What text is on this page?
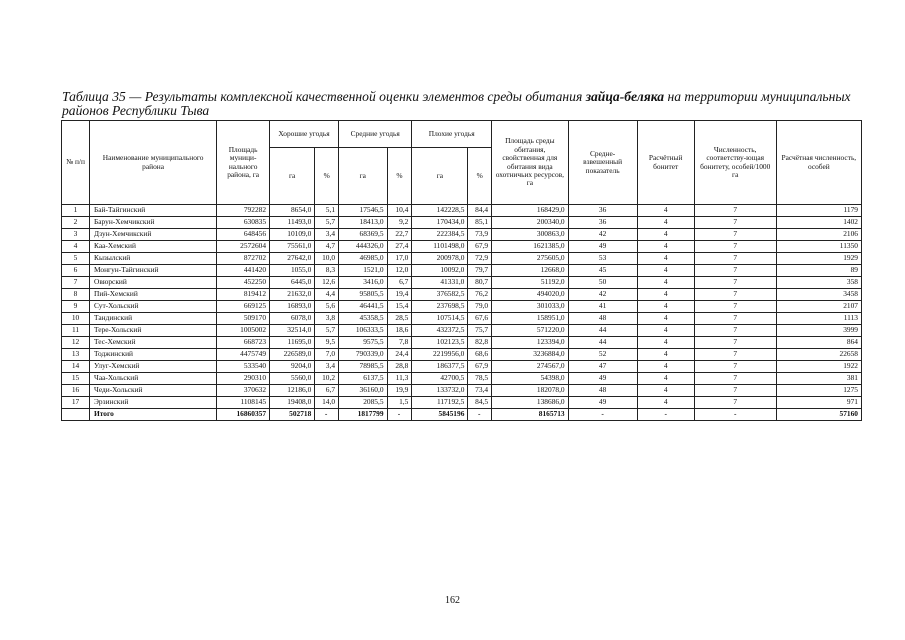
Таблица 35 — Результаты комплексной качественной оценки элементов среды обитания зайца-беляка на территории муниципальных районов Республики Тыва
№ п/п	Наименование муниципального района	Площадь муници-нального района, га	Хорошие угодья		Средние угодья		Плохие угодья		Площадь среды обитания, свойственная для обитания вида охотничьих ресурсов, га	Средне-взвешенный показатель	Расчётный бонитет	Численность, соответству-ющая бонитету, особей/1000 га	Расчётная численность, особей
			га	%	га	%	га	%					
1	Бай-Тайгинский	792282	8654,0	5,1	17546,5	10,4	142228,5	84,4	168429,0	36	4	7	1179
2	Барун-Хемчикский	630835	11493,0	5,7	18413,0	9,2	170434,0	85,1	200340,0	36	4	7	1402
3	Дзун-Хемчикский	648456	10109,0	3,4	68369,5	22,7	222384,5	73,9	300863,0	42	4	7	2106
4	Каа-Хемский	2572604	75561,0	4,7	444326,0	27,4	1101498,0	67,9	1621385,0	49	4	7	11350
5	Кызылский	872702	27642,0	10,0	46985,0	17,0	200978,0	72,9	275605,0	53	4	7	1929
6	Монгун-Тайгинский	441420	1055,0	8,3	1521,0	12,0	10092,0	79,7	12668,0	45	4	7	89
7	Овюрский	452250	6445,0	12,6	3416,0	6,7	41331,0	80,7	51192,0	50	4	7	358
8	Пий-Хемский	819412	21632,0	4,4	95805,5	19,4	376582,5	76,2	494020,0	42	4	7	3458
9	Сут-Хольский	669125	16893,0	5,6	46441,5	15,4	237698,5	79,0	301033,0	41	4	7	2107
10	Тандинский	509170	6078,0	3,8	45358,5	28,5	107514,5	67,6	158951,0	48	4	7	1113
11	Тере-Хольский	1005002	32514,0	5,7	106333,5	18,6	432372,5	75,7	571220,0	44	4	7	3999
12	Тес-Хемский	668723	11695,0	9,5	9575,5	7,8	102123,5	82,8	123394,0	44	4	7	864
13	Тоджинский	4475749	226589,0	7,0	790339,0	24,4	2219956,0	68,6	3236884,0	52	4	7	22658
14	Улуг-Хемский	533540	9204,0	3,4	78985,5	28,8	186377,5	67,9	274567,0	47	4	7	1922
15	Чаа-Хольский	290310	5560,0	10,2	6137,5	11,3	42700,5	78,5	54398,0	49	4	7	381
16	Чеди-Хольский	370632	12186,0	6,7	36160,0	19,9	133732,0	73,4	182078,0	48	4	7	1275
17	Эрзинский	1108145	19408,0	14,0	2085,5	1,5	117192,5	84,5	138686,0	49	4	7	971
	Итого	16860357	502718	-	1817799	-	5845196	-	8165713	-	-	-	57160
162
